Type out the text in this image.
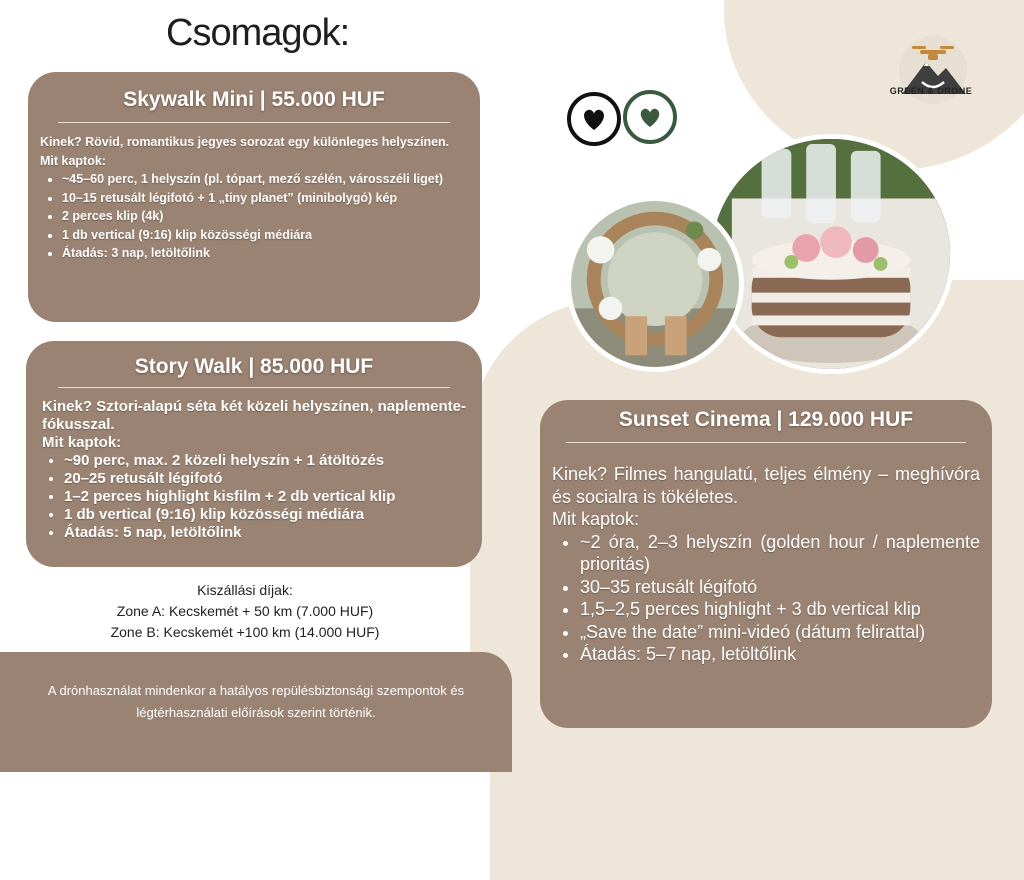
Csomagok:
GREEN & DRONE
Skywalk Mini | 55.000 HUF

Kinek? Rövid, romantikus jegyes sorozat egy különleges helyszínen.

Mit kaptok:

• ~45–60 perc, 1 helyszín (pl. tópart, mező szélén, városszéli liget)
• 10–15 retusált légifotó + 1 „tiny planet” (minibolygó) kép
• 2 perces klip (4k)
• 1 db vertical (9:16) klip közösségi médiára
• Átadás: 3 nap, letöltőlink
Story Walk | 85.000 HUF

Kinek? Sztori-alapú séta két közeli helyszínen, naplemente-fókusszal.

Mit kaptok:

• ~90 perc, max. 2 közeli helyszín + 1 átöltözés
• 20–25 retusált légifotó
• 1–2 perces highlight kisfilm + 2 db vertical klip
• 1 db vertical (9:16) klip közösségi médiára
• Átadás: 5 nap, letöltőlink
Sunset Cinema | 129.000 HUF

Kinek? Filmes hangulatú, teljes élmény – meghívóra és socialra is tökéletes.

Mit kaptok:

• ~2 óra, 2–3 helyszín (golden hour / naplemente prioritás)
• 30–35 retusált légifotó
• 1,5–2,5 perces highlight + 3 db vertical klip
• „Save the date” mini-videó (dátum felirattal)
• Átadás: 5–7 nap, letöltőlink
Kiszállási díjak:
Zone A: Kecskemét + 50 km (7.000 HUF)
Zone B: Kecskemét +100 km (14.000 HUF)
A drónhasználat mindenkor a hatályos repülésbiztonsági szempontok és légtérhasználati előírások szerint történik.
